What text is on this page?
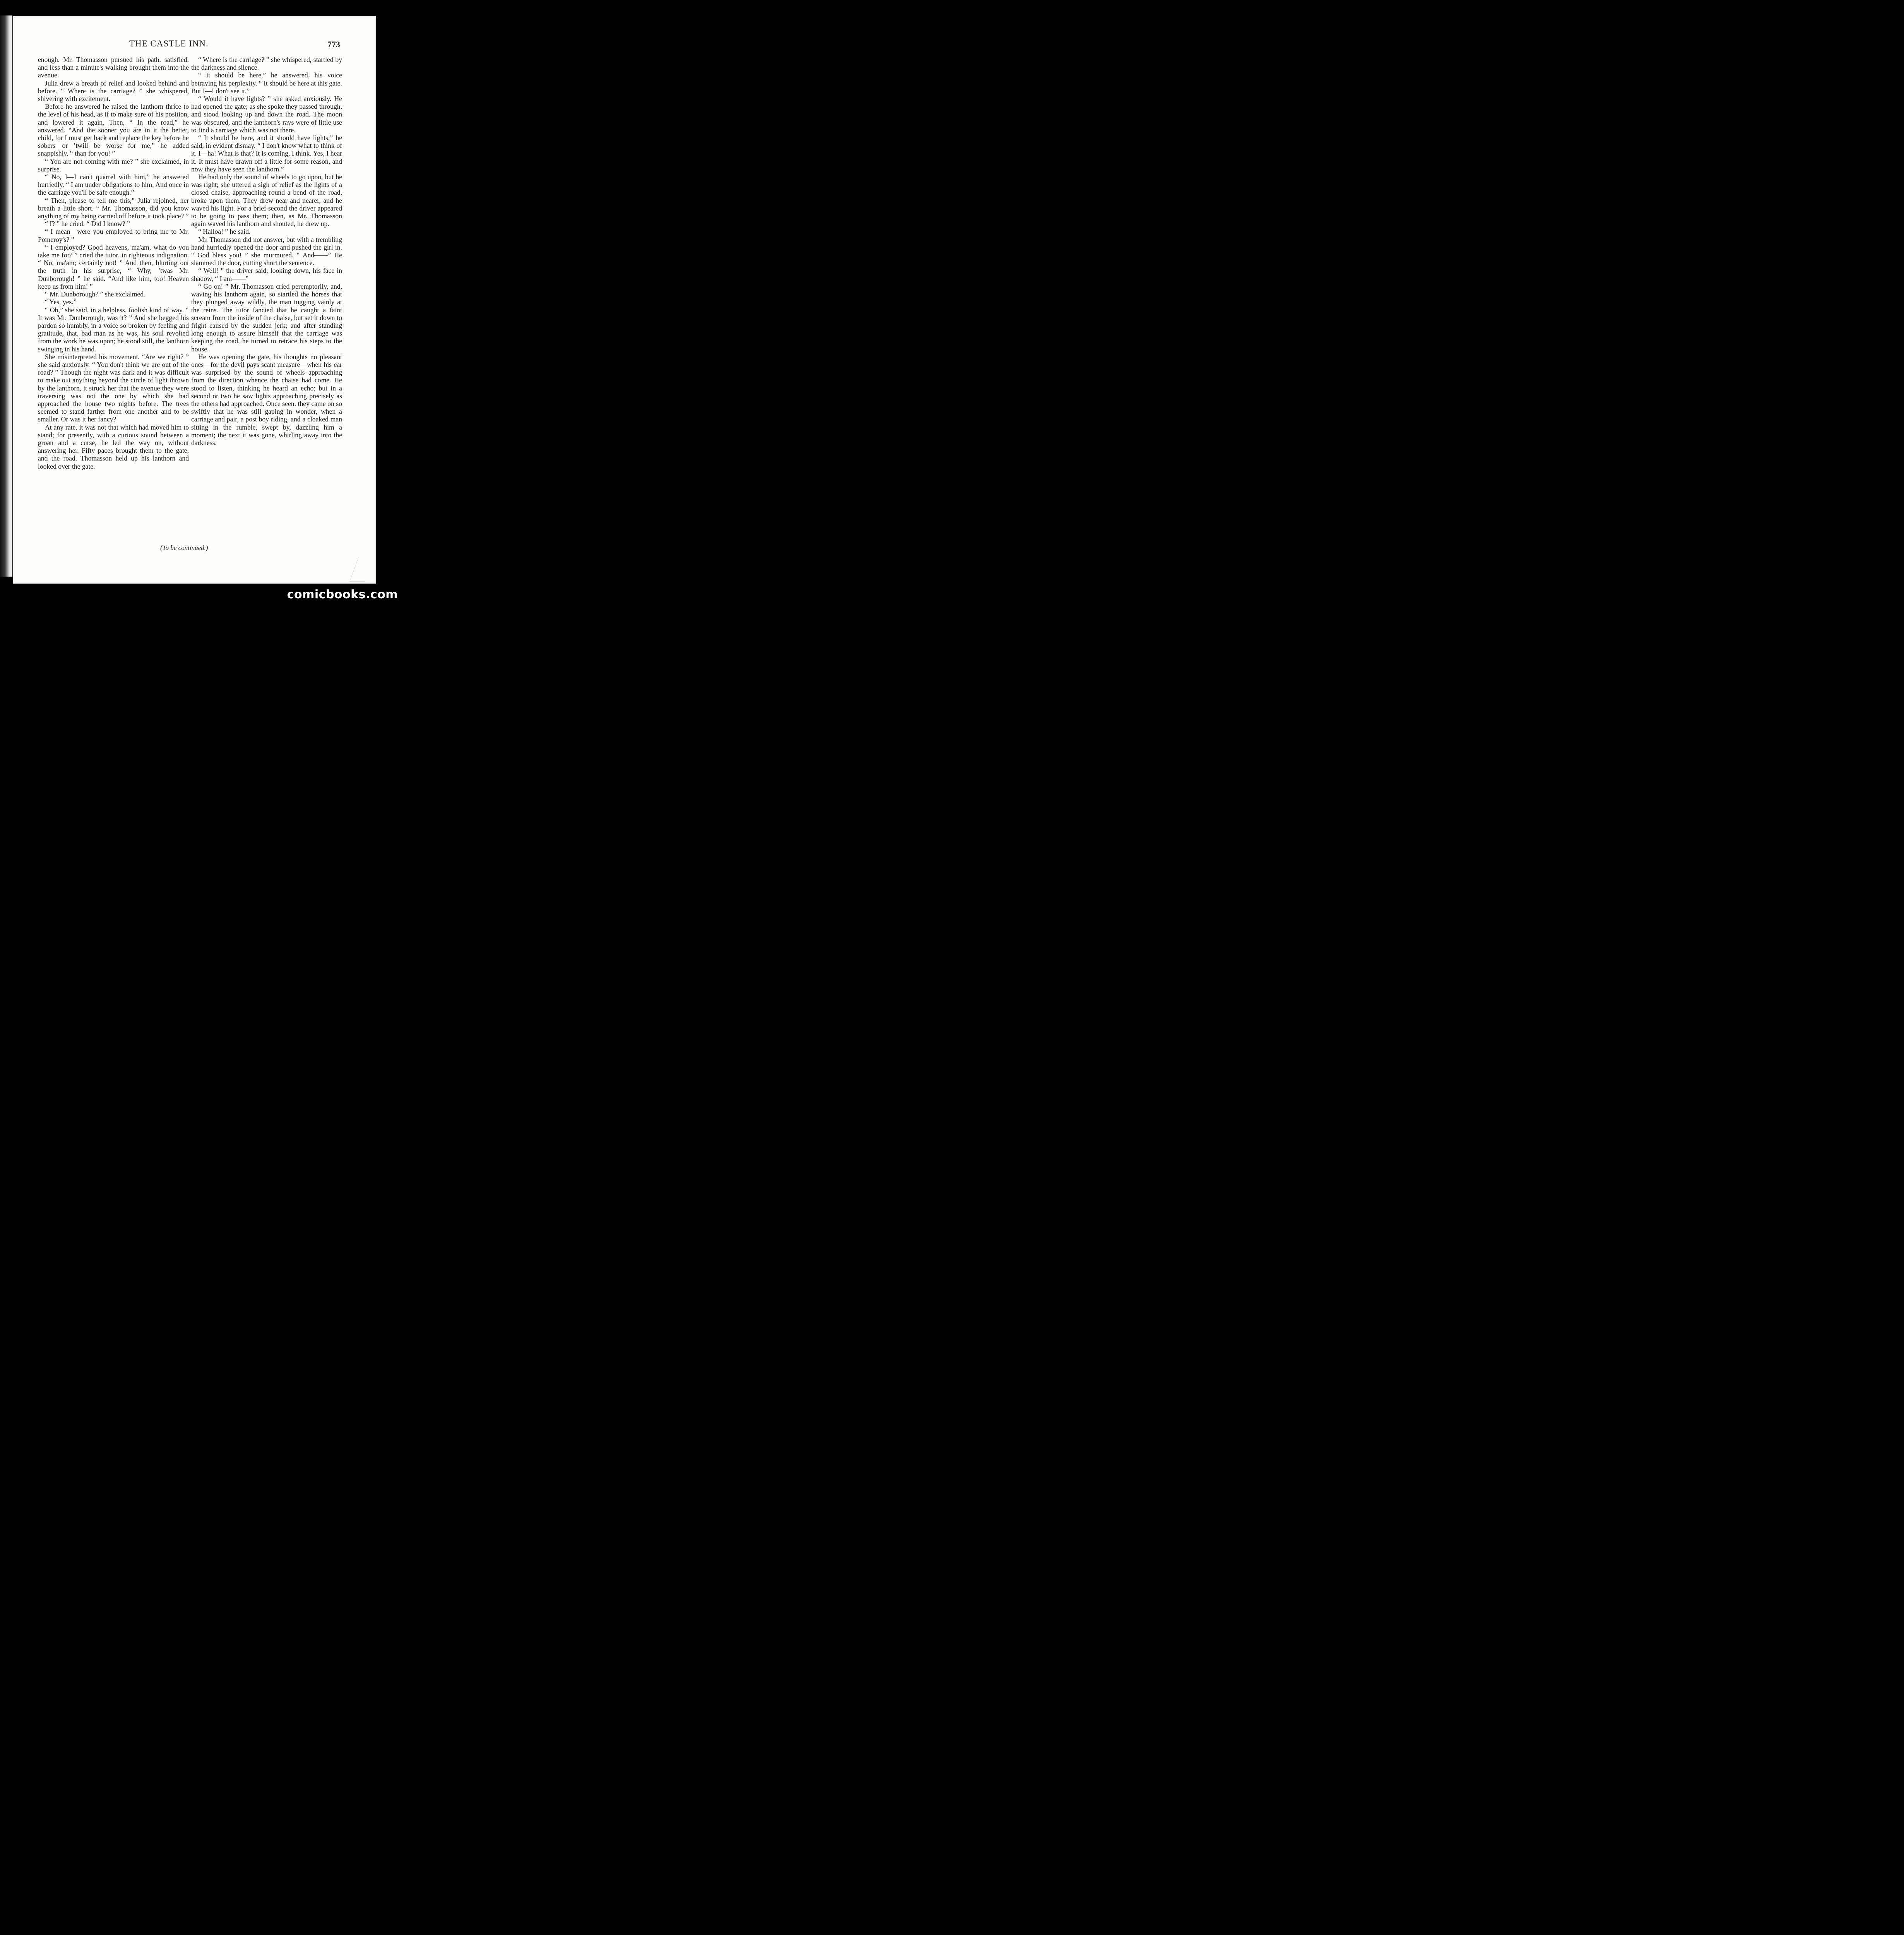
THE CASTLE INN.	773

enough. Mr. Thomasson pursued his path, satisfied, and less than a minute's walking brought them into the avenue.

Julia drew a breath of relief and looked behind and before. “ Where is the carriage? ” she whispered, shivering with excitement.

Before he answered he raised the lanthorn thrice to the level of his head, as if to make sure of his position, and lowered it again. Then, “ In the road,” he answered. “And the sooner you are in it the better, child, for I must get back and replace the key before he sobers—or ’twill be worse for me,” he added snappishly, “ than for you! ”

“ You are not coming with me? ” she exclaimed, in surprise.

“ No, I—I can't quarrel with him,” he answered hurriedly. “ I am under obligations to him. And once in the carriage you'll be safe enough.”

“ Then, please to tell me this,” Julia rejoined, her breath a little short. “ Mr. Thomasson, did you know anything of my being carried off before it took place? ”

“ I? ” he cried. “ Did I know? ”

“ I mean—were you employed to bring me to Mr. Pomeroy's? ”

“ I employed? Good heavens, ma'am, what do you take me for? ” cried the tutor, in righteous indignation. “ No, ma'am; certainly not! ” And then, blurting out the truth in his surprise, “ Why, ’twas Mr. Dunborough! ” he said. “And like him, too! Heaven keep us from him! ”

“ Mr. Dunborough? ” she exclaimed.

“ Yes, yes.”

“ Oh,” she said, in a helpless, foolish kind of way. “ It was Mr. Dunborough, was it? ” And she begged his pardon so humbly, in a voice so broken by feeling and gratitude, that, bad man as he was, his soul revolted from the work he was upon; he stood still, the lanthorn swinging in his hand.

She misinterpreted his movement. “Are we right? ” she said anxiously. “ You don't think we are out of the road? ” Though the night was dark and it was difficult to make out anything beyond the circle of light thrown by the lanthorn, it struck her that the avenue they were traversing was not the one by which she had approached the house two nights before. The trees seemed to stand farther from one another and to be smaller. Or was it her fancy?

At any rate, it was not that which had moved him to stand; for presently, with a curious sound between a groan and a curse, he led the way on, without answering her. Fifty paces brought them to the gate, and the road. Thomasson held up his lanthorn and looked over the gate.

“ Where is the carriage? ” she whispered, startled by the darkness and silence.

“ It should be here,” he answered, his voice betraying his perplexity. “ It should be here at this gate. But I—I don't see it.”

“ Would it have lights? ” she asked anxiously. He had opened the gate; as she spoke they passed through, and stood looking up and down the road. The moon was obscured, and the lanthorn's rays were of little use to find a carriage which was not there.

“ It should be here, and it should have lights,” he said, in evident dismay. “ I don't know what to think of it. I—ha! What is that? It is coming, I think. Yes, I hear it. It must have drawn off a little for some reason, and now they have seen the lanthorn.”

He had only the sound of wheels to go upon, but he was right; she uttered a sigh of relief as the lights of a closed chaise, approaching round a bend of the road, broke upon them. They drew near and nearer, and he waved his light. For a brief second the driver appeared to be going to pass them; then, as Mr. Thomasson again waved his lanthorn and shouted, he drew up.

“ Halloa! ” he said.

Mr. Thomasson did not answer, but with a trembling hand hurriedly opened the door and pushed the girl in. “ God bless you! ” she murmured. “ And——” He slammed the door, cutting short the sentence.

“ Well! ” the driver said, looking down, his face in shadow, “ I am——”

“ Go on! ” Mr. Thomasson cried peremptorily, and, waving his lanthorn again, so startled the horses that they plunged away wildly, the man tugging vainly at the reins. The tutor fancied that he caught a faint scream from the inside of the chaise, but set it down to fright caused by the sudden jerk; and after standing long enough to assure himself that the carriage was keeping the road, he turned to retrace his steps to the house.

He was opening the gate, his thoughts no pleasant ones—for the devil pays scant measure—when his ear was surprised by the sound of wheels approaching from the direction whence the chaise had come. He stood to listen, thinking he heard an echo; but in a second or two he saw lights approaching precisely as the others had approached. Once seen, they came on so swiftly that he was still gaping in wonder, when a carriage and pair, a post boy riding, and a cloaked man sitting in the rumble, swept by, dazzling him a moment; the next it was gone, whirling away into the darkness.

(To be continued.)
comicbooks.com
